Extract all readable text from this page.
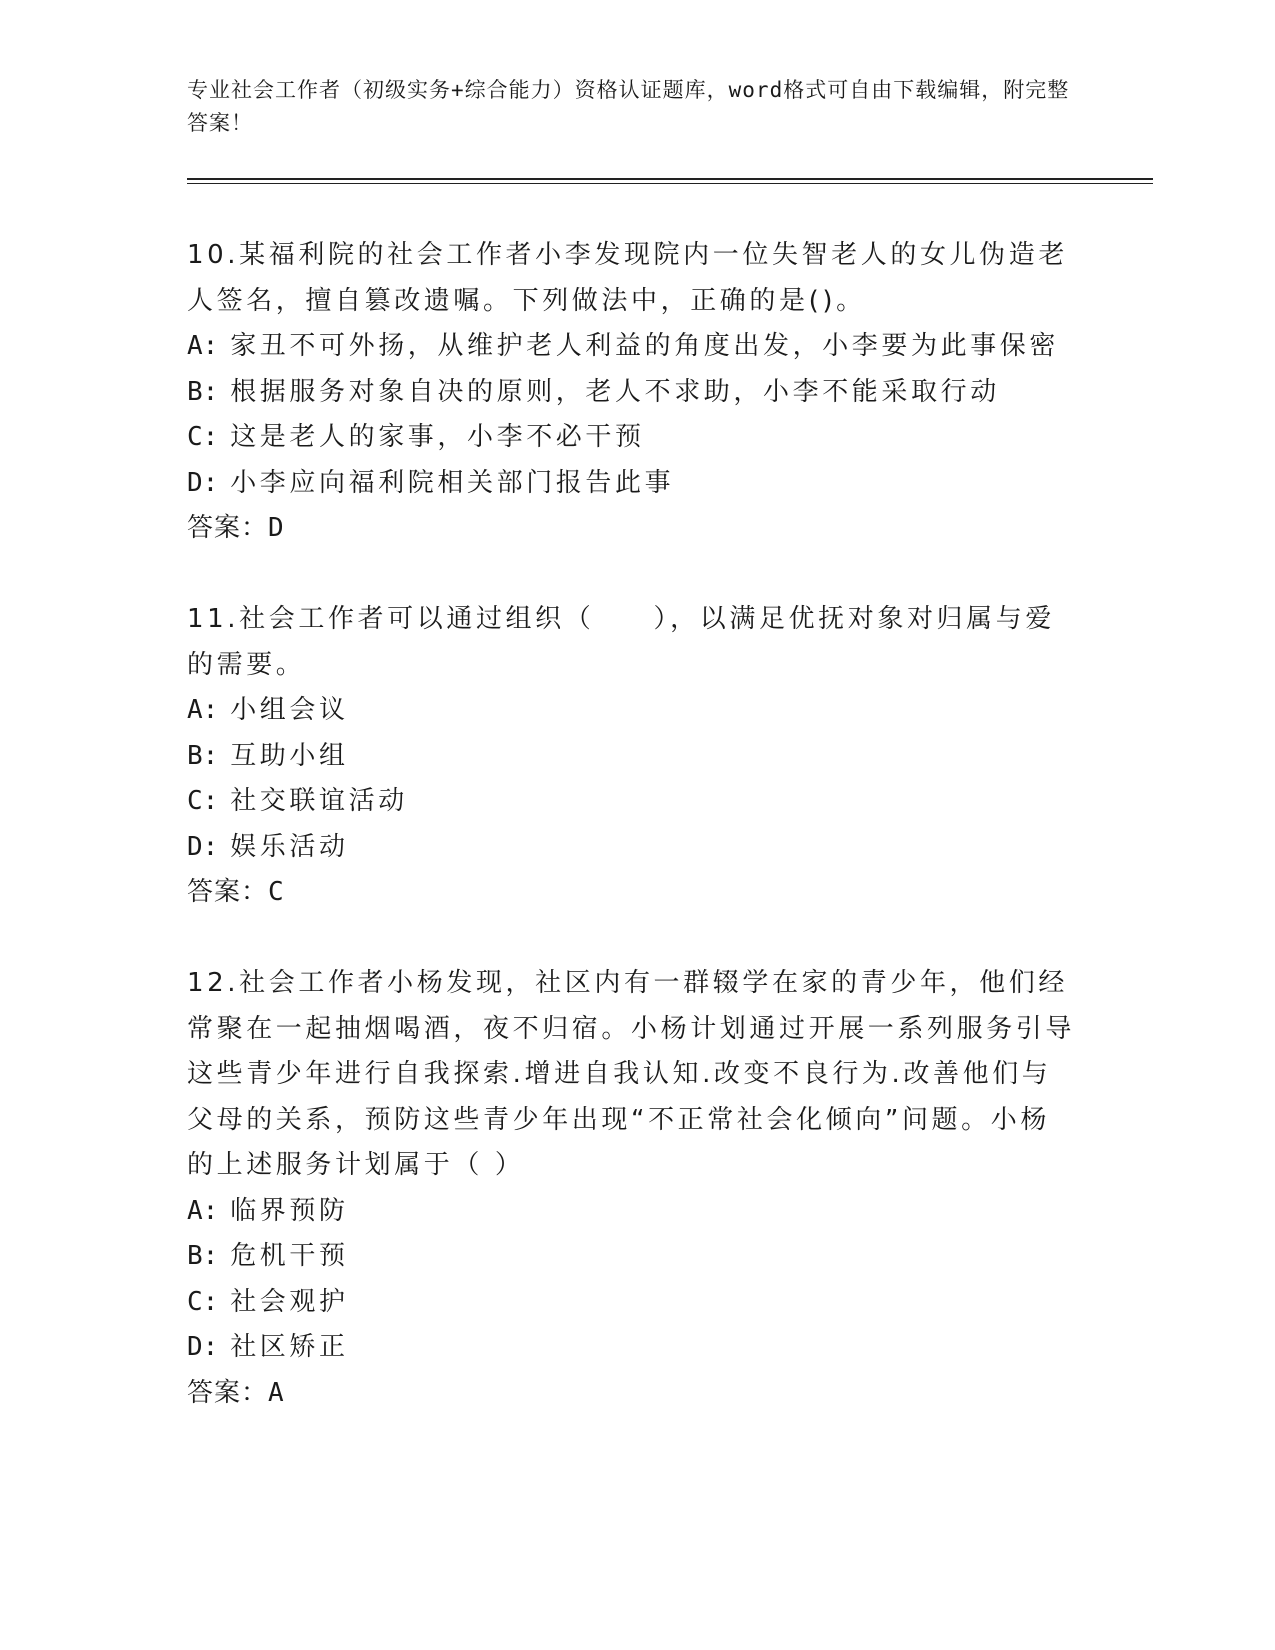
专业社会工作者（初级实务+综合能力）资格认证题库，word格式可自由下载编辑，附完整答案！

10.某福利院的社会工作者小李发现院内一位失智老人的女儿伪造老人签名，擅自篡改遗嘱。下列做法中，正确的是()。

A: 家丑不可外扬，从维护老人利益的角度出发，小李要为此事保密

B: 根据服务对象自决的原则，老人不求助，小李不能采取行动

C: 这是老人的家事，小李不必干预

D: 小李应向福利院相关部门报告此事

答案：D

11.社会工作者可以通过组织（　　），以满足优抚对象对归属与爱的需要。

A: 小组会议

B: 互助小组

C: 社交联谊活动

D: 娱乐活动

答案：C

12.社会工作者小杨发现，社区内有一群辍学在家的青少年，他们经常聚在一起抽烟喝酒，夜不归宿。小杨计划通过开展一系列服务引导这些青少年进行自我探索.增进自我认知.改变不良行为.改善他们与父母的关系，预防这些青少年出现“不正常社会化倾向”问题。小杨的上述服务计划属于（ ）

A: 临界预防

B: 危机干预

C: 社会观护

D: 社区矫正

答案：A
